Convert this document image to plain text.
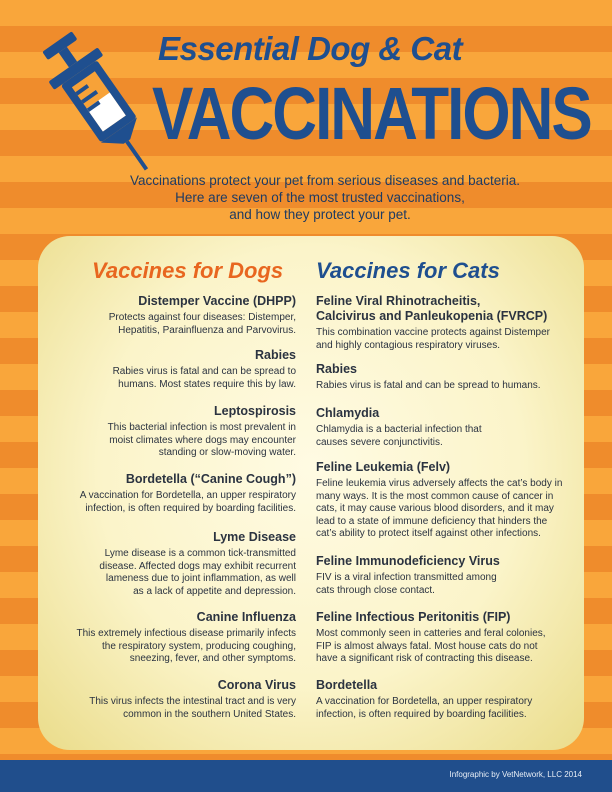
Essential Dog & Cat
VACCINATIONS
Vaccinations protect your pet from serious diseases and bacteria.
Here are seven of the most trusted vaccinations,
and how they protect your pet.
Vaccines for Dogs Vaccines for Cats
Distemper Vaccine (DHPP)
Protects against four diseases: Distemper,
Hepatitis, Parainfluenza and Parvovirus.
Rabies
Rabies virus is fatal and can be spread to
humans. Most states require this by law.
Leptospirosis
This bacterial infection is most prevalent in
moist climates where dogs may encounter
standing or slow-moving water.
Bordetella (“Canine Cough”)
A vaccination for Bordetella, an upper respiratory
infection, is often required by boarding facilities.
Lyme Disease
Lyme disease is a common tick-transmitted
disease. Affected dogs may exhibit recurrent
lameness due to joint inflammation, as well
as a lack of appetite and depression.
Canine Influenza
This extremely infectious disease primarily infects
the respiratory system, producing coughing,
sneezing, fever, and other symptoms.
Corona Virus
This virus infects the intestinal tract and is very
common in the southern United States.
Feline Viral Rhinotracheitis,
Calcivirus and Panleukopenia (FVRCP)
This combination vaccine protects against Distemper
and highly contagious respiratory viruses.
Rabies
Rabies virus is fatal and can be spread to humans.
Chlamydia
Chlamydia is a bacterial infection that
causes severe conjunctivitis.
Feline Leukemia (Felv)
Feline leukemia virus adversely affects the cat’s body in
many ways. It is the most common cause of cancer in
cats, it may cause various blood disorders, and it may
lead to a state of immune deficiency that hinders the
cat’s ability to protect itself against other infections.
Feline Immunodeficiency Virus
FIV is a viral infection transmitted among
cats through close contact.
Feline Infectious Peritonitis (FIP)
Most commonly seen in catteries and feral colonies,
FIP is almost always fatal. Most house cats do not
have a significant risk of contracting this disease.
Bordetella
A vaccination for Bordetella, an upper respiratory
infection, is often required by boarding facilities.
Infographic by VetNetwork, LLC 2014
